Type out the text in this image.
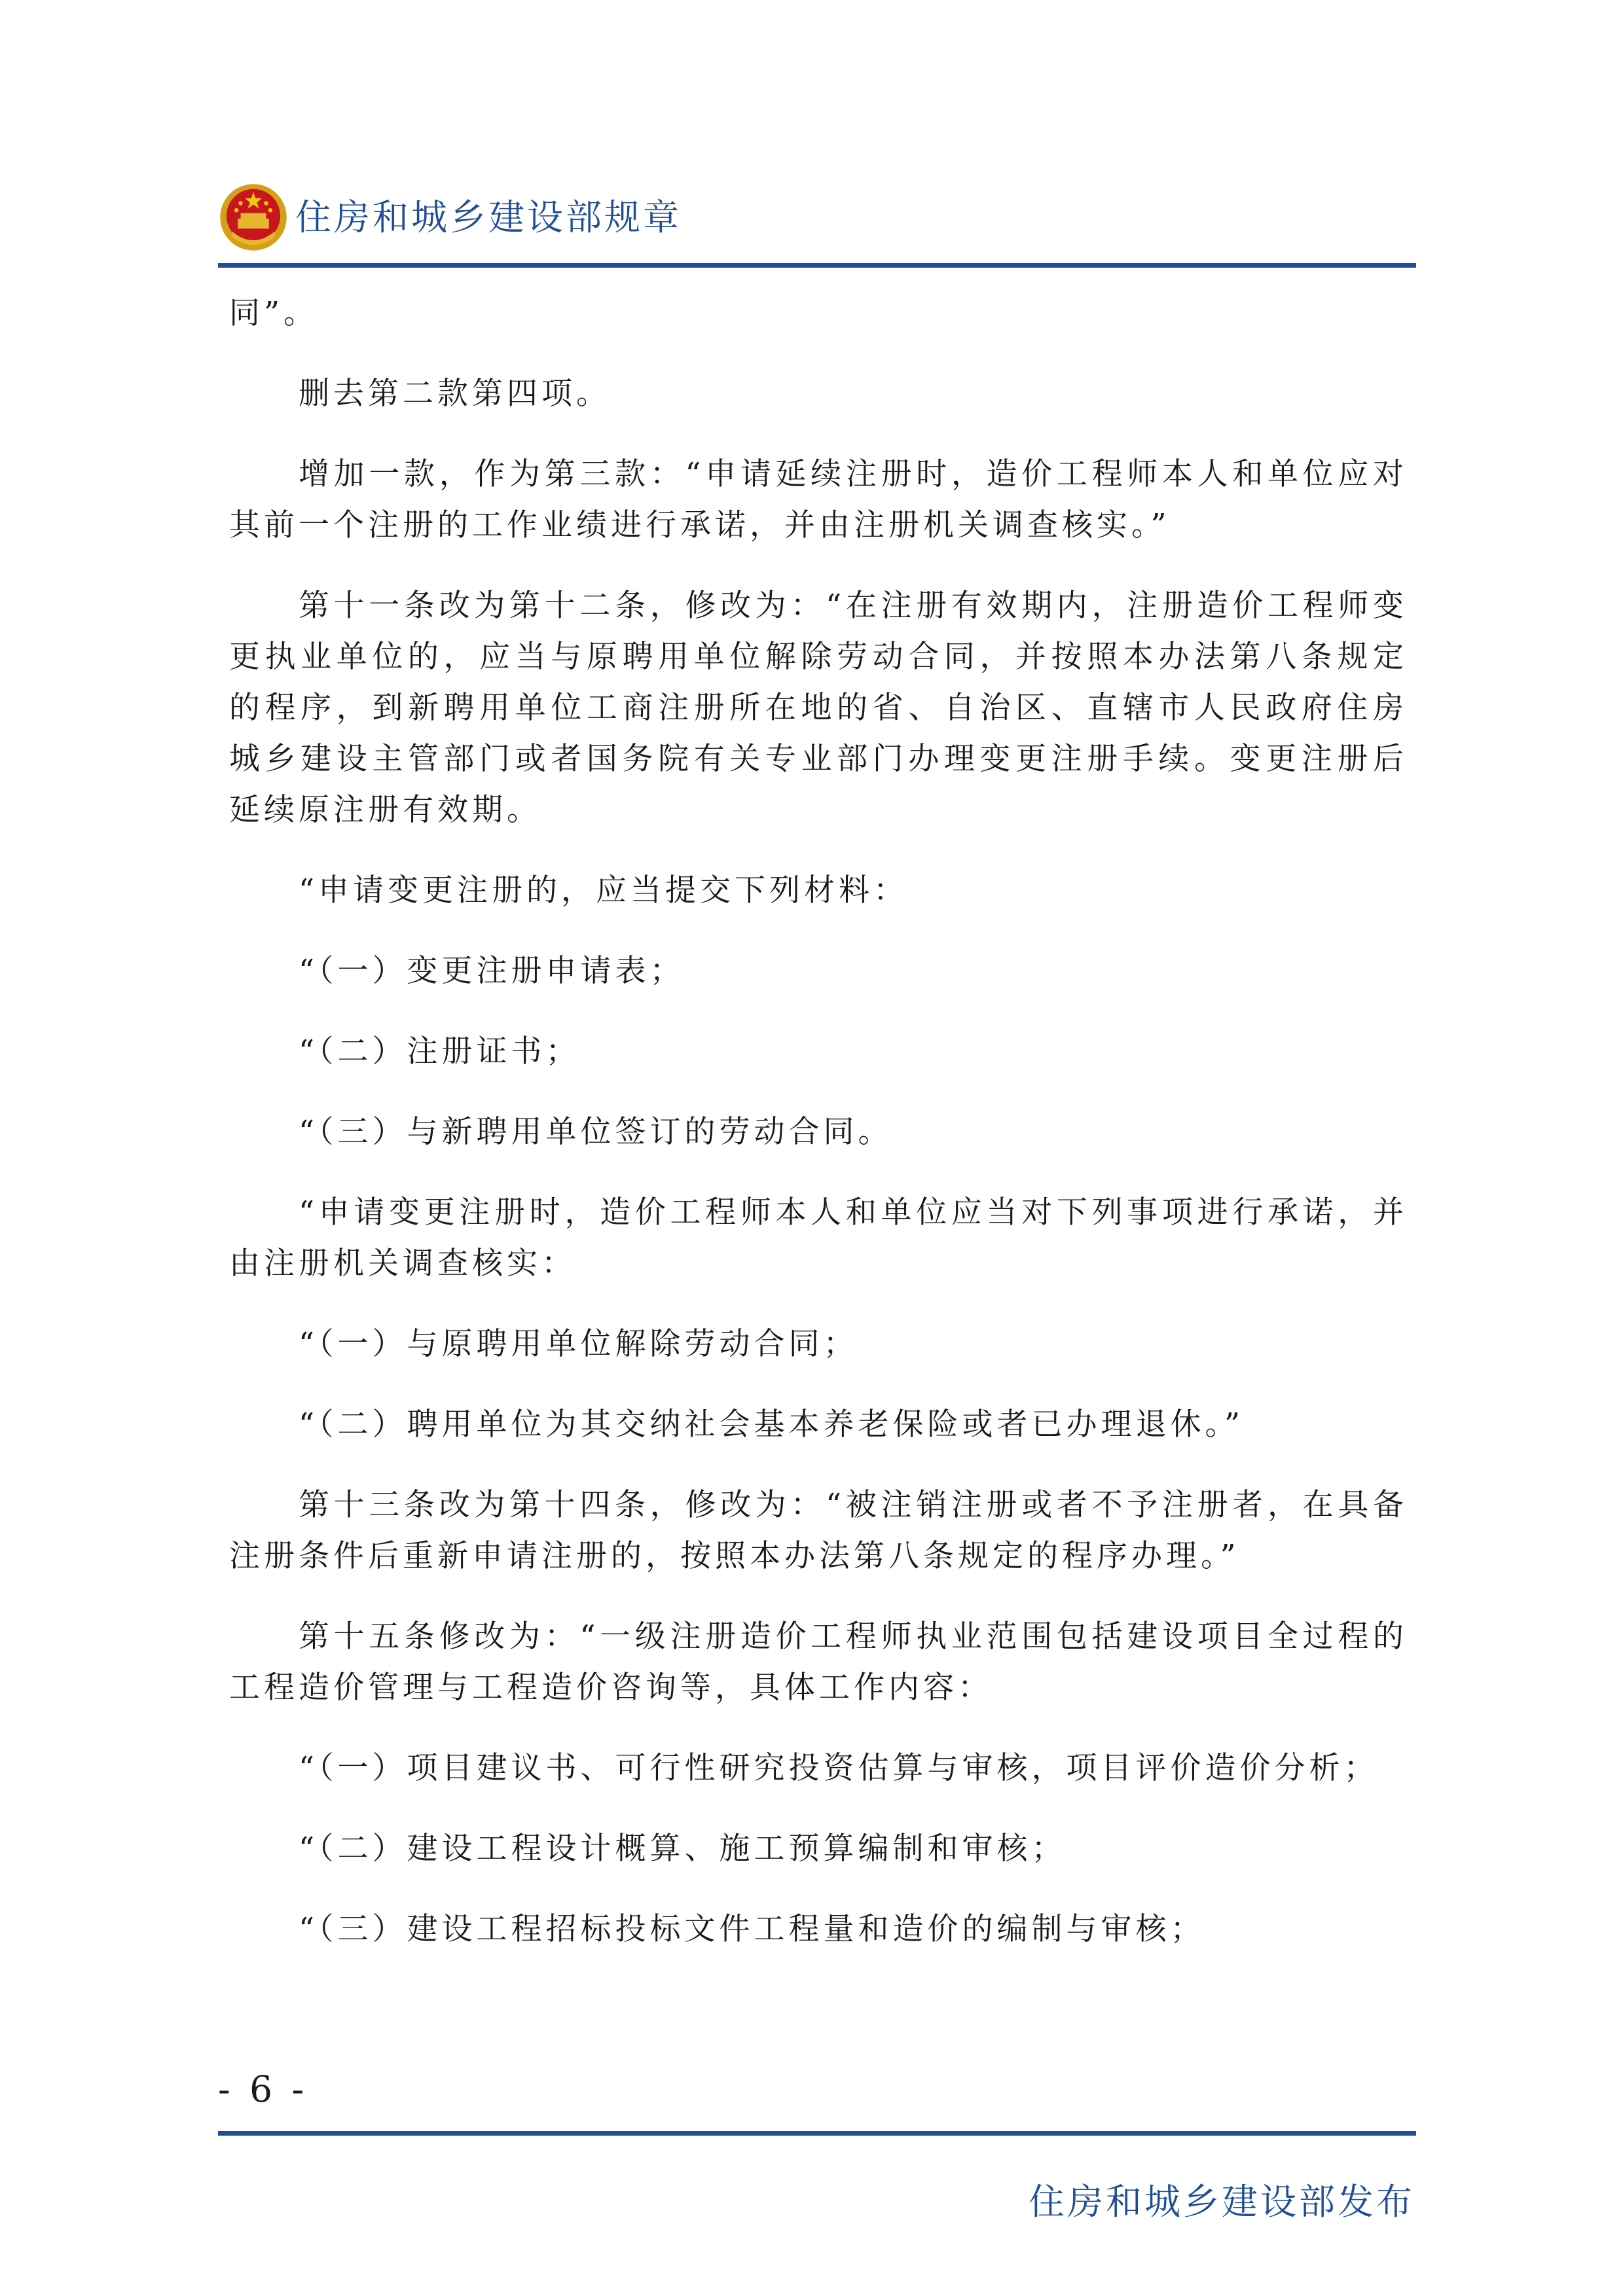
住房和城乡建设部规章

同”。

删去第二款第四项。

增加一款，作为第三款：“申请延续注册时，造价工程师本人和单位应对其前一个注册的工作业绩进行承诺，并由注册机关调查核实。”

第十一条改为第十二条，修改为：“在注册有效期内，注册造价工程师变更执业单位的，应当与原聘用单位解除劳动合同，并按照本办法第八条规定的程序，到新聘用单位工商注册所在地的省、自治区、直辖市人民政府住房城乡建设主管部门或者国务院有关专业部门办理变更注册手续。变更注册后延续原注册有效期。

“申请变更注册的，应当提交下列材料：

“（一）变更注册申请表；

“（二）注册证书；

“（三）与新聘用单位签订的劳动合同。

“申请变更注册时，造价工程师本人和单位应当对下列事项进行承诺，并由注册机关调查核实：

“（一）与原聘用单位解除劳动合同；

“（二）聘用单位为其交纳社会基本养老保险或者已办理退休。”

第十三条改为第十四条，修改为：“被注销注册或者不予注册者，在具备注册条件后重新申请注册的，按照本办法第八条规定的程序办理。”

第十五条修改为：“一级注册造价工程师执业范围包括建设项目全过程的工程造价管理与工程造价咨询等，具体工作内容：

“（一）项目建议书、可行性研究投资估算与审核，项目评价造价分析；

“（二）建设工程设计概算、施工预算编制和审核；

“（三）建设工程招标投标文件工程量和造价的编制与审核；

- 6 -
住房和城乡建设部发布
